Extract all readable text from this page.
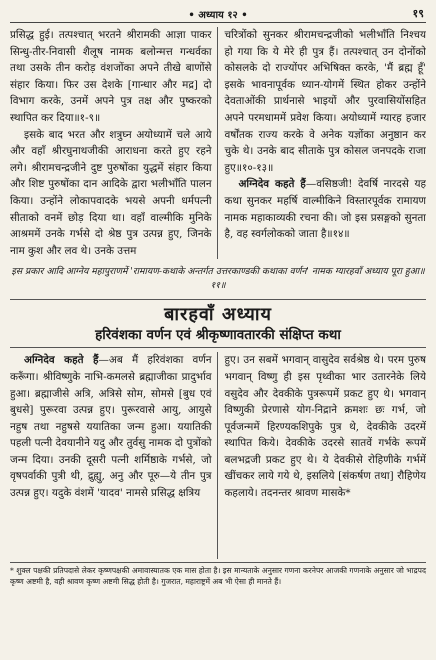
• अध्याय १२ •	१९

प्रसिद्ध हुई। तत्पश्चात् भरतने श्रीरामकी आज्ञा पाकर सिन्धु-तीर-निवासी शैलूष नामक बलोन्मत्त गन्धर्वका तथा उसके तीन करोड़ वंशजोंका अपने तीखे बाणोंसे संहार किया। फिर उस देशके [गान्धार और मद्र] दो विभाग करके, उनमें अपने पुत्र तक्ष और पुष्करको स्थापित कर दिया॥१-९॥

इसके बाद भरत और शत्रुघ्न अयोध्यामें चले आये और वहाँ श्रीरघुनाथजीकी आराधना करते हुए रहने लगे। श्रीरामचन्द्रजीने दुष्ट पुरुषोंका युद्धमें संहार किया और शिष्ट पुरुषोंका दान आदिके द्वारा भलीभाँति पालन किया। उन्होंने लोकापवादके भयसे अपनी धर्मपत्नी सीताको वनमें छोड़ दिया था। वहाँ वाल्मीकि मुनिके आश्रममें उनके गर्भसे दो श्रेष्ठ पुत्र उत्पन्न हुए, जिनके नाम कुश और लव थे। उनके उत्तम

चरित्रोंको सुनकर श्रीरामचन्द्रजीको भलीभाँति निश्चय हो गया कि ये मेरे ही पुत्र हैं। तत्पश्चात् उन दोनोंको कोसलके दो राज्योंपर अभिषिक्त करके, 'मैं ब्रह्म हूँ' इसके भावनापूर्वक ध्यान-योगमें स्थित होकर उन्होंने देवताओंकी प्रार्थनासे भाइयों और पुरवासियोंसहित अपने परमधाममें प्रवेश किया। अयोध्यामें ग्यारह हजार वर्षोंतक राज्य करके वे अनेक यज्ञोंका अनुष्ठान कर चुके थे। उनके बाद सीताके पुत्र कोसल जनपदके राजा हुए॥१०-१३॥

अग्निदेव कहते हैं—वसिष्ठजी! देवर्षि नारदसे यह कथा सुनकर महर्षि वाल्मीकिने विस्तारपूर्वक रामायण नामक महाकाव्यकी रचना की। जो इस प्रसङ्गको सुनता है, वह स्वर्गलोकको जाता है॥१४॥

इस प्रकार आदि आग्नेय महापुराणमें 'रामायण-कथाके अन्तर्गत उत्तरकाण्डकी कथाका वर्णन' नामक ग्यारहवाँ अध्याय पूरा हुआ॥११॥
बारहवाँ अध्याय
हरिवंशका वर्णन एवं श्रीकृष्णावतारकी संक्षिप्त कथा

अग्निदेव कहते हैं—अब मैं हरिवंशका वर्णन करूँगा। श्रीविष्णुके नाभि-कमलसे ब्रह्माजीका प्रादुर्भाव हुआ। ब्रह्माजीसे अत्रि, अत्रिसे सोम, सोमसे [बुध एवं बुधसे] पुरूरवा उत्पन्न हुए। पुरूरवासे आयु, आयुसे नहुष तथा नहुषसे ययातिका जन्म हुआ। ययातिकी पहली पत्नी देवयानीने यदु और तुर्वसु नामक दो पुत्रोंको जन्म दिया। उनकी दूसरी पत्नी शर्मिष्ठाके गर्भसे, जो वृषपर्वाकी पुत्री थी, द्रुह्यु, अनु और पूरु—ये तीन पुत्र उत्पन्न हुए। यदुके वंशमें 'यादव' नामसे प्रसिद्ध क्षत्रिय

हुए। उन सबमें भगवान् वासुदेव सर्वश्रेष्ठ थे। परम पुरुष भगवान् विष्णु ही इस पृथ्वीका भार उतारनेके लिये वसुदेव और देवकीके पुत्ररूपमें प्रकट हुए थे। भगवान् विष्णुकी प्रेरणासे योग-निद्राने क्रमशः छः गर्भ, जो पूर्वजन्ममें हिरण्यकशिपुके पुत्र थे, देवकीके उदरमें स्थापित किये। देवकीके उदरसे सातवें गर्भके रूपमें बलभद्रजी प्रकट हुए थे। ये देवकीसे रोहिणीके गर्भमें खींचकर लाये गये थे, इसलिये [संकर्षण तथा] रौहिणेय कहलाये। तदनन्तर श्रावण मासके*

* शुक्ल पक्षकी प्रतिपदासे लेकर कृष्णपक्षकी अमावास्यातक एक मास होता है। इस मान्यताके अनुसार गणना करनेपर आजकी गणनाके अनुसार जो भाद्रपद कृष्ण अष्टमी है, वही श्रावण कृष्ण अष्टमी सिद्ध होती है। गुजरात, महाराष्ट्रमें अब भी ऐसा ही मानते हैं।
